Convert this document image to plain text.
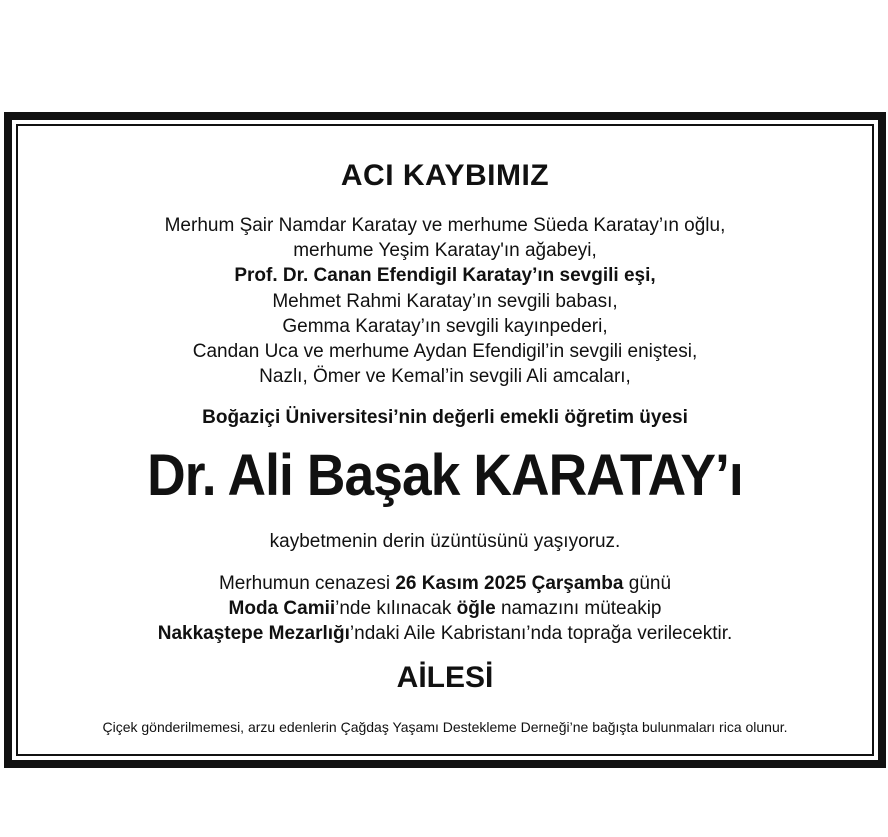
ACI KAYBIMIZ
Merhum Şair Namdar Karatay ve merhume Süeda Karatay’ın oğlu,
merhume Yeşim Karatay'ın ağabeyi,
Prof. Dr. Canan Efendigil Karatay’ın sevgili eşi,
Mehmet Rahmi Karatay’ın sevgili babası,
Gemma Karatay’ın sevgili kayınpederi,
Candan Uca ve merhume Aydan Efendigil’in sevgili eniştesi,
Nazlı, Ömer ve Kemal’in sevgili Ali amcaları,
Boğaziçi Üniversitesi’nin değerli emekli öğretim üyesi
Dr. Ali Başak KARATAY’ı
kaybetmenin derin üzüntüsünü yaşıyoruz.
Merhumun cenazesi 26 Kasım 2025 Çarşamba günü
Moda Camii’nde kılınacak öğle namazını müteakip
Nakkaştepe Mezarlığı’ndaki Aile Kabristanı’nda toprağa verilecektir.
AİLESİ
Çiçek gönderilmemesi, arzu edenlerin Çağdaş Yaşamı Destekleme Derneği’ne bağışta bulunmaları rica olunur.
